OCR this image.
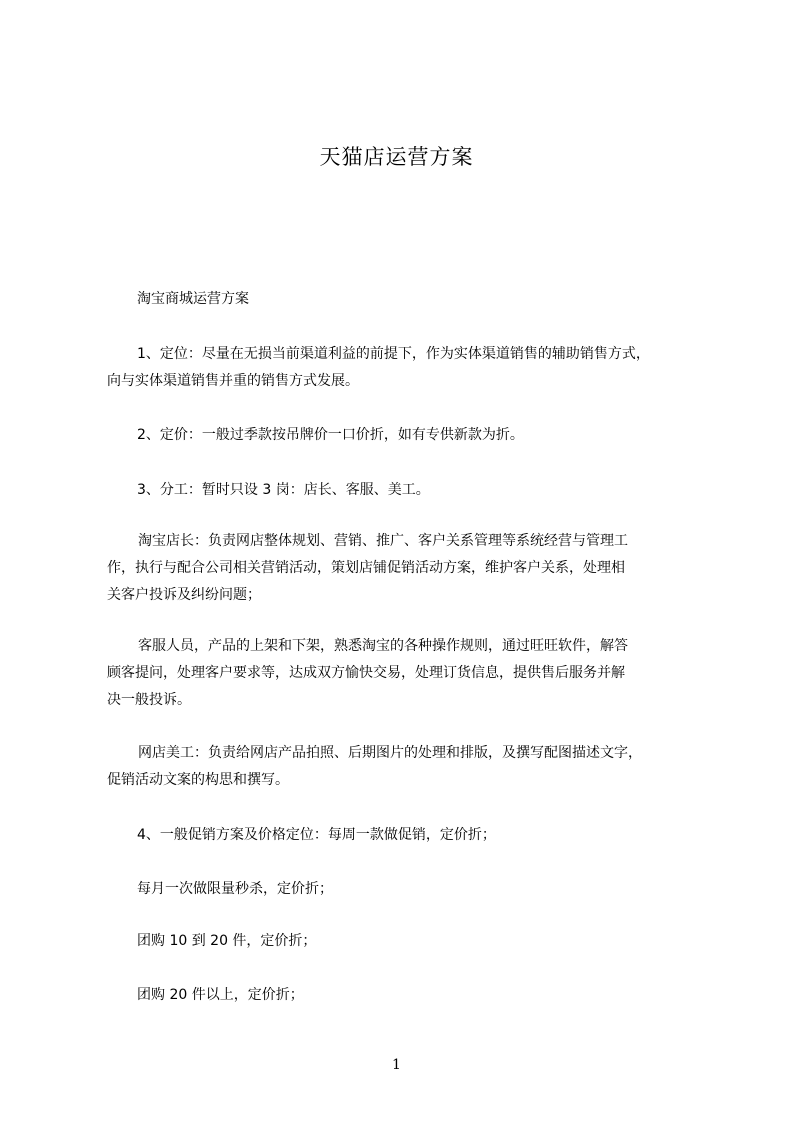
天猫店运营方案

淘宝商城运营方案

1、定位：尽量在无损当前渠道利益的前提下，作为实体渠道销售的辅助销售方式，
向与实体渠道销售并重的销售方式发展。

2、定价：一般过季款按吊牌价一口价折，如有专供新款为折。

3、分工：暂时只设 3 岗：店长、客服、美工。

淘宝店长：负责网店整体规划、营销、推广、客户关系管理等系统经营与管理工
作，执行与配合公司相关营销活动，策划店铺促销活动方案，维护客户关系，处理相
关客户投诉及纠纷问题；

客服人员，产品的上架和下架，熟悉淘宝的各种操作规则，通过旺旺软件，解答
顾客提问，处理客户要求等，达成双方愉快交易，处理订货信息，提供售后服务并解
决一般投诉。

网店美工：负责给网店产品拍照、后期图片的处理和排版，及撰写配图描述文字，
促销活动文案的构思和撰写。

4、一般促销方案及价格定位：每周一款做促销，定价折；

每月一次做限量秒杀，定价折；

团购 10 到 20 件，定价折；

团购 20 件以上，定价折；

1
